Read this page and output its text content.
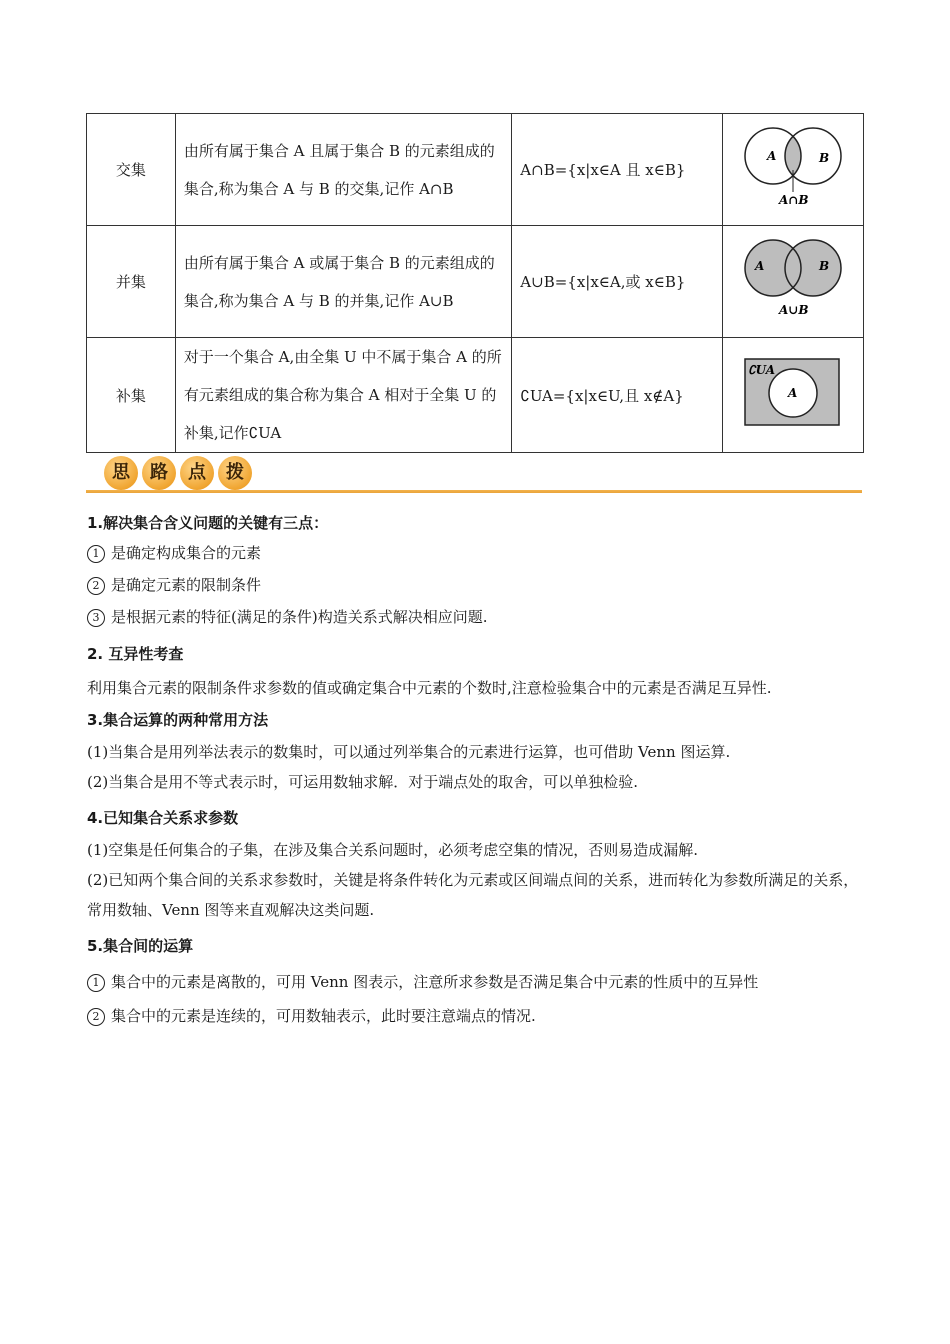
交集	由所有属于集合 A 且属于集合 B 的元素组成的集合,称为集合 A 与 B 的交集,记作 A∩B	A∩B={x|x∈A 且 x∈B}	A B
A∩B

并集	由所有属于集合 A 或属于集合 B 的元素组成的集合,称为集合 A 与 B 的并集,记作 A∪B	A∪B={x|x∈A,或 x∈B}	A B
A∪B

补集	对于一个集合 A,由全集 U 中不属于集合 A 的所有元素组成的集合称为集合 A 相对于全集 U 的补集,记作∁UA	∁UA={x|x∈U,且 x∉A}	∁UA
A
思	路	点	拨

1.解决集合含义问题的关键有三点：

1 是确定构成集合的元素

2 是确定元素的限制条件

3 是根据元素的特征(满足的条件)构造关系式解决相应问题.

2. 互异性考查

利用集合元素的限制条件求参数的值或确定集合中元素的个数时,注意检验集合中的元素是否满足互异性.

3.集合运算的两种常用方法

(1)当集合是用列举法表示的数集时，可以通过列举集合的元素进行运算，也可借助 Venn 图运算.

(2)当集合是用不等式表示时，可运用数轴求解．对于端点处的取舍，可以单独检验.

4.已知集合关系求参数

(1)空集是任何集合的子集，在涉及集合关系问题时，必须考虑空集的情况，否则易造成漏解.

(2)已知两个集合间的关系求参数时，关键是将条件转化为元素或区间端点间的关系，进而转化为参数所满足的关系，常用数轴、Venn 图等来直观解决这类问题.

5.集合间的运算

1 集合中的元素是离散的，可用 Venn 图表示，注意所求参数是否满足集合中元素的性质中的互异性

2 集合中的元素是连续的，可用数轴表示，此时要注意端点的情况.
